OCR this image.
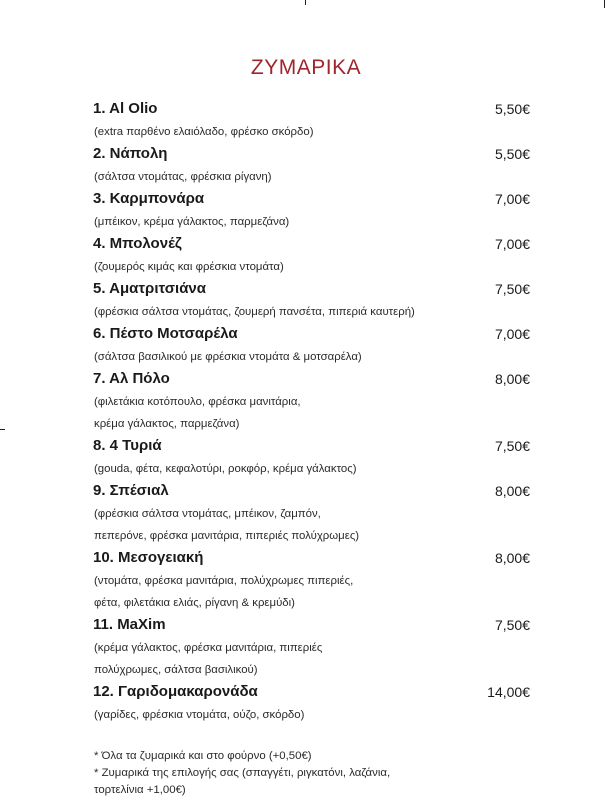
ΖΥΜΑΡΙΚΑ
1. Al Olio	5,50€
(extra παρθένο ελαιόλαδο, φρέσκο σκόρδο)
2. Νάπολη	5,50€
(σάλτσα ντομάτας, φρέσκια ρίγανη)
3. Καρμπονάρα	7,00€
(μπέικον, κρέμα γάλακτος, παρμεζάνα)
4. Μπολονέζ	7,00€
(ζουμερός κιμάς και φρέσκια ντομάτα)
5. Αματριτσιάνα	7,50€
(φρέσκια σάλτσα ντομάτας, ζουμερή πανσέτα, πιπεριά καυτερή)
6. Πέστο Μοτσαρέλα	7,00€
(σάλτσα βασιλικού με φρέσκια ντομάτα & μοτσαρέλα)
7. Αλ Πόλο	8,00€
(φιλετάκια κοτόπουλο, φρέσκα μανιτάρια,
κρέμα γάλακτος, παρμεζάνα)
8. 4 Τυριά	7,50€
(gouda, φέτα, κεφαλοτύρι, ροκφόρ, κρέμα γάλακτος)
9. Σπέσιαλ	8,00€
(φρέσκια σάλτσα ντομάτας, μπέικον, ζαμπόν,
πεπερόνε, φρέσκα μανιτάρια, πιπεριές πολύχρωμες)
10. Μεσογειακή	8,00€
(ντομάτα, φρέσκα μανιτάρια, πολύχρωμες πιπεριές,
φέτα, φιλετάκια ελιάς, ρίγανη & κρεμύδι)
11. MaXim	7,50€
(κρέμα γάλακτος, φρέσκα μανιτάρια, πιπεριές
πολύχρωμες, σάλτσα βασιλικού)
12. Γαριδομακαρονάδα	14,00€
(γαρίδες, φρέσκια ντομάτα, ούζο, σκόρδο)
* Όλα τα ζυμαρικά και στο φούρνο (+0,50€)
* Ζυμαρικά της επιλογής σας (σπαγγέτι, ριγκατόνι, λαζάνια,
τορτελίνια +1,00€)
